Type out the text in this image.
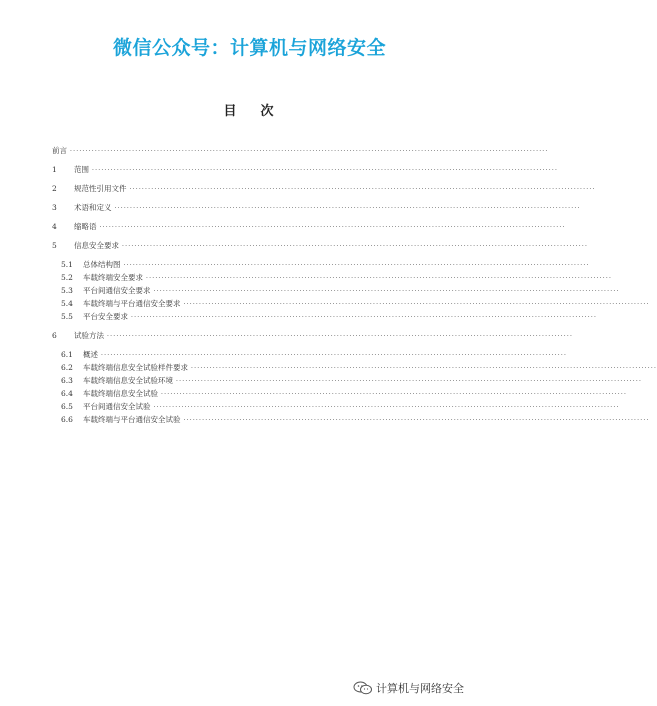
微信公众号：计算机与网络安全
目 次
前言 ··························································································································································
1	范围 ······················································································································································
2	规范性引用文件 ······················································································································································
3	术语和定义 ······················································································································································
4	缩略语 ······················································································································································
5	信息安全要求 ······················································································································································
5.1	总体结构图 ······················································································································································
5.2	车载终端安全要求 ······················································································································································
5.3	平台间通信安全要求 ······················································································································································
5.4	车载终端与平台通信安全要求 ······················································································································································
5.5	平台安全要求 ······················································································································································
6	试验方法 ······················································································································································
6.1	概述 ······················································································································································
6.2	车载终端信息安全试验样件要求 ······················································································································································
6.3	车载终端信息安全试验环境 ······················································································································································
6.4	车载终端信息安全试验 ······················································································································································
6.5	平台间通信安全试验 ······················································································································································
6.6	车载终端与平台通信安全试验 ······················································································································································
计算机与网络安全
